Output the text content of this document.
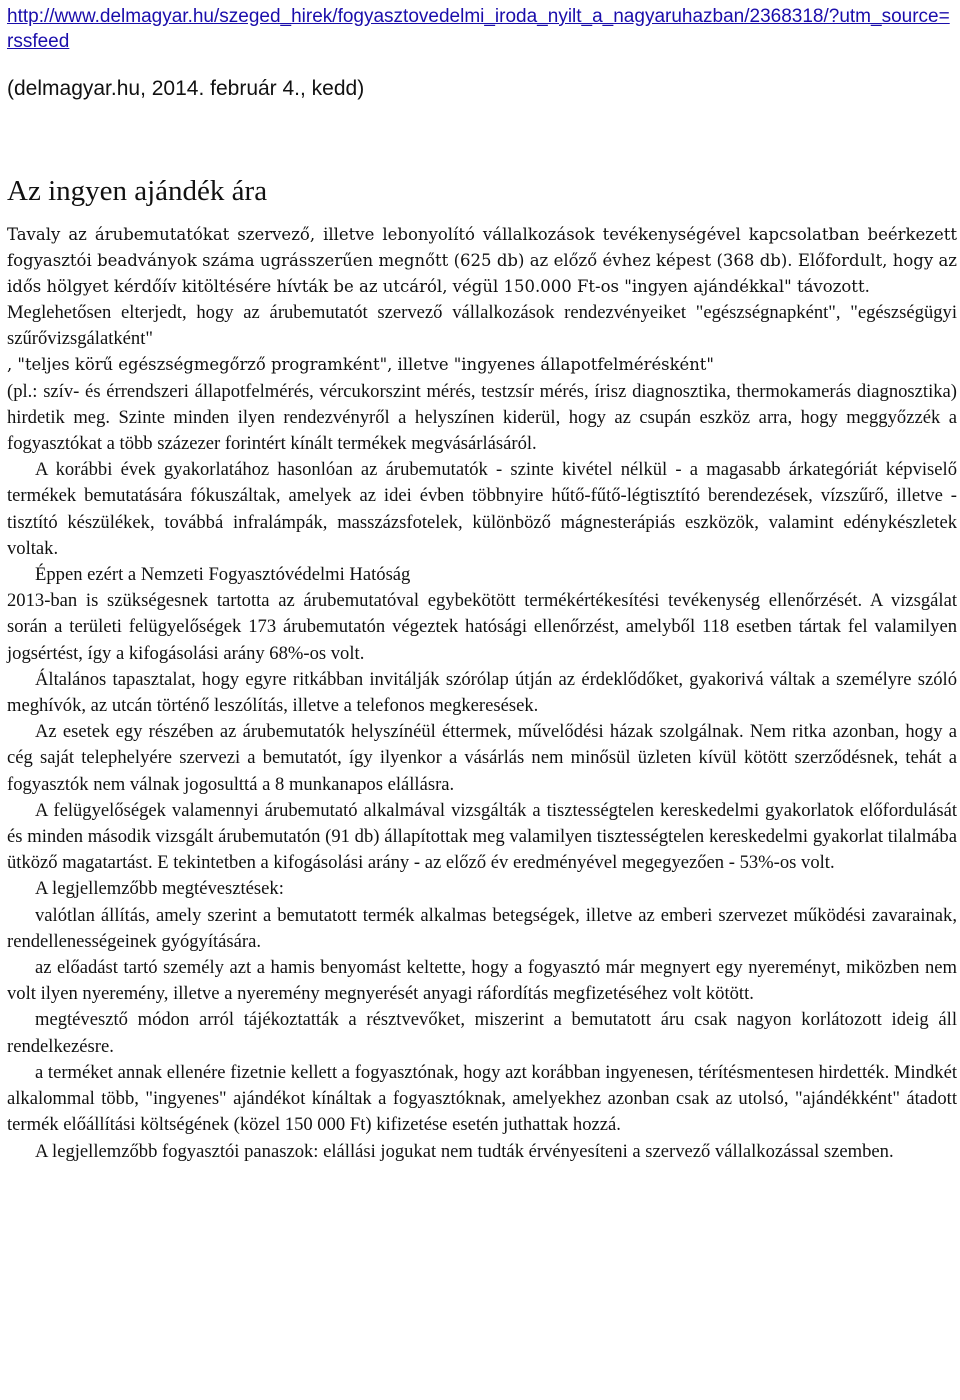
http://www.delmagyar.hu/szeged_hirek/fogyasztovedelmi_iroda_nyilt_a_nagyaruhazban/2368318/?utm_source=rssfeed
(delmagyar.hu, 2014. február 4., kedd)
Az ingyen ajándék ára
Tavaly az árubemutatókat szervező, illetve lebonyolító vállalkozások tevékenységével kapcsolatban beérkezett fogyasztói beadványok száma ugrásszerűen megnőtt (625 db) az előző évhez képest (368 db). Előfordult, hogy az idős hölgyet kérdőív kitöltésére hívták be az utcáról, végül 150.000 Ft-os "ingyen ajándékkal" távozott.

Meglehetősen elterjedt, hogy az árubemutatót szervező vállalkozások rendezvényeiket "egészségnapként", "egészségügyi szűrővizsgálatként"

, "teljes körű egészségmegőrző programként", illetve "ingyenes állapotfelmérésként"

(pl.: szív- és érrendszeri állapotfelmérés, vércukorszint mérés, testzsír mérés, írisz diagnosztika, thermokamerás diagnosztika) hirdetik meg. Szinte minden ilyen rendezvényről a helyszínen kiderül, hogy az csupán eszköz arra, hogy meggyőzzék a fogyasztókat a több százezer forintért kínált termékek megvásárlásáról.

A korábbi évek gyakorlatához hasonlóan az árubemutatók - szinte kivétel nélkül - a magasabb árkategóriát képviselő termékek bemutatására fókuszáltak, amelyek az idei évben többnyire hűtő-fűtő-légtisztító berendezések, vízszűrő, illetve -tisztító készülékek, továbbá infralámpák, masszázsfotelek, különböző mágnesterápiás eszközök, valamint edénykészletek voltak.

Éppen ezért a Nemzeti Fogyasztóvédelmi Hatóság

2013-ban is szükségesnek tartotta az árubemutatóval egybekötött termékértékesítési tevékenység ellenőrzését. A vizsgálat során a területi felügyelőségek 173 árubemutatón végeztek hatósági ellenőrzést, amelyből 118 esetben tártak fel valamilyen jogsértést, így a kifogásolási arány 68%-os volt.

Általános tapasztalat, hogy egyre ritkábban invitálják szórólap útján az érdeklődőket, gyakorivá váltak a személyre szóló meghívók, az utcán történő leszólítás, illetve a telefonos megkeresések.

Az esetek egy részében az árubemutatók helyszínéül éttermek, művelődési házak szolgálnak. Nem ritka azonban, hogy a cég saját telephelyére szervezi a bemutatót, így ilyenkor a vásárlás nem minősül üzleten kívül kötött szerződésnek, tehát a fogyasztók nem válnak jogosulttá a 8 munkanapos elállásra.

A felügyelőségek valamennyi árubemutató alkalmával vizsgálták a tisztességtelen kereskedelmi gyakorlatok előfordulását és minden második vizsgált árubemutatón (91 db) állapítottak meg valamilyen tisztességtelen kereskedelmi gyakorlat tilalmába ütköző magatartást. E tekintetben a kifogásolási arány - az előző év eredményével megegyezően - 53%-os volt.

A legjellemzőbb megtévesztések:

valótlan állítás, amely szerint a bemutatott termék alkalmas betegségek, illetve az emberi szervezet működési zavarainak, rendellenességeinek gyógyítására.

az előadást tartó személy azt a hamis benyomást keltette, hogy a fogyasztó már megnyert egy nyereményt, miközben nem volt ilyen nyeremény, illetve a nyeremény megnyerését anyagi ráfordítás megfizetéséhez volt kötött.

megtévesztő módon arról tájékoztatták a résztvevőket, miszerint a bemutatott áru csak nagyon korlátozott ideig áll rendelkezésre.

a terméket annak ellenére fizetnie kellett a fogyasztónak, hogy azt korábban ingyenesen, térítésmentesen hirdették. Mindkét alkalommal több, "ingyenes" ajándékot kínáltak a fogyasztóknak, amelyekhez azonban csak az utolsó, "ajándékként" átadott termék előállítási költségének (közel 150 000 Ft) kifizetése esetén juthattak hozzá.

A legjellemzőbb fogyasztói panaszok: elállási jogukat nem tudták érvényesíteni a szervező vállalkozással szemben.
